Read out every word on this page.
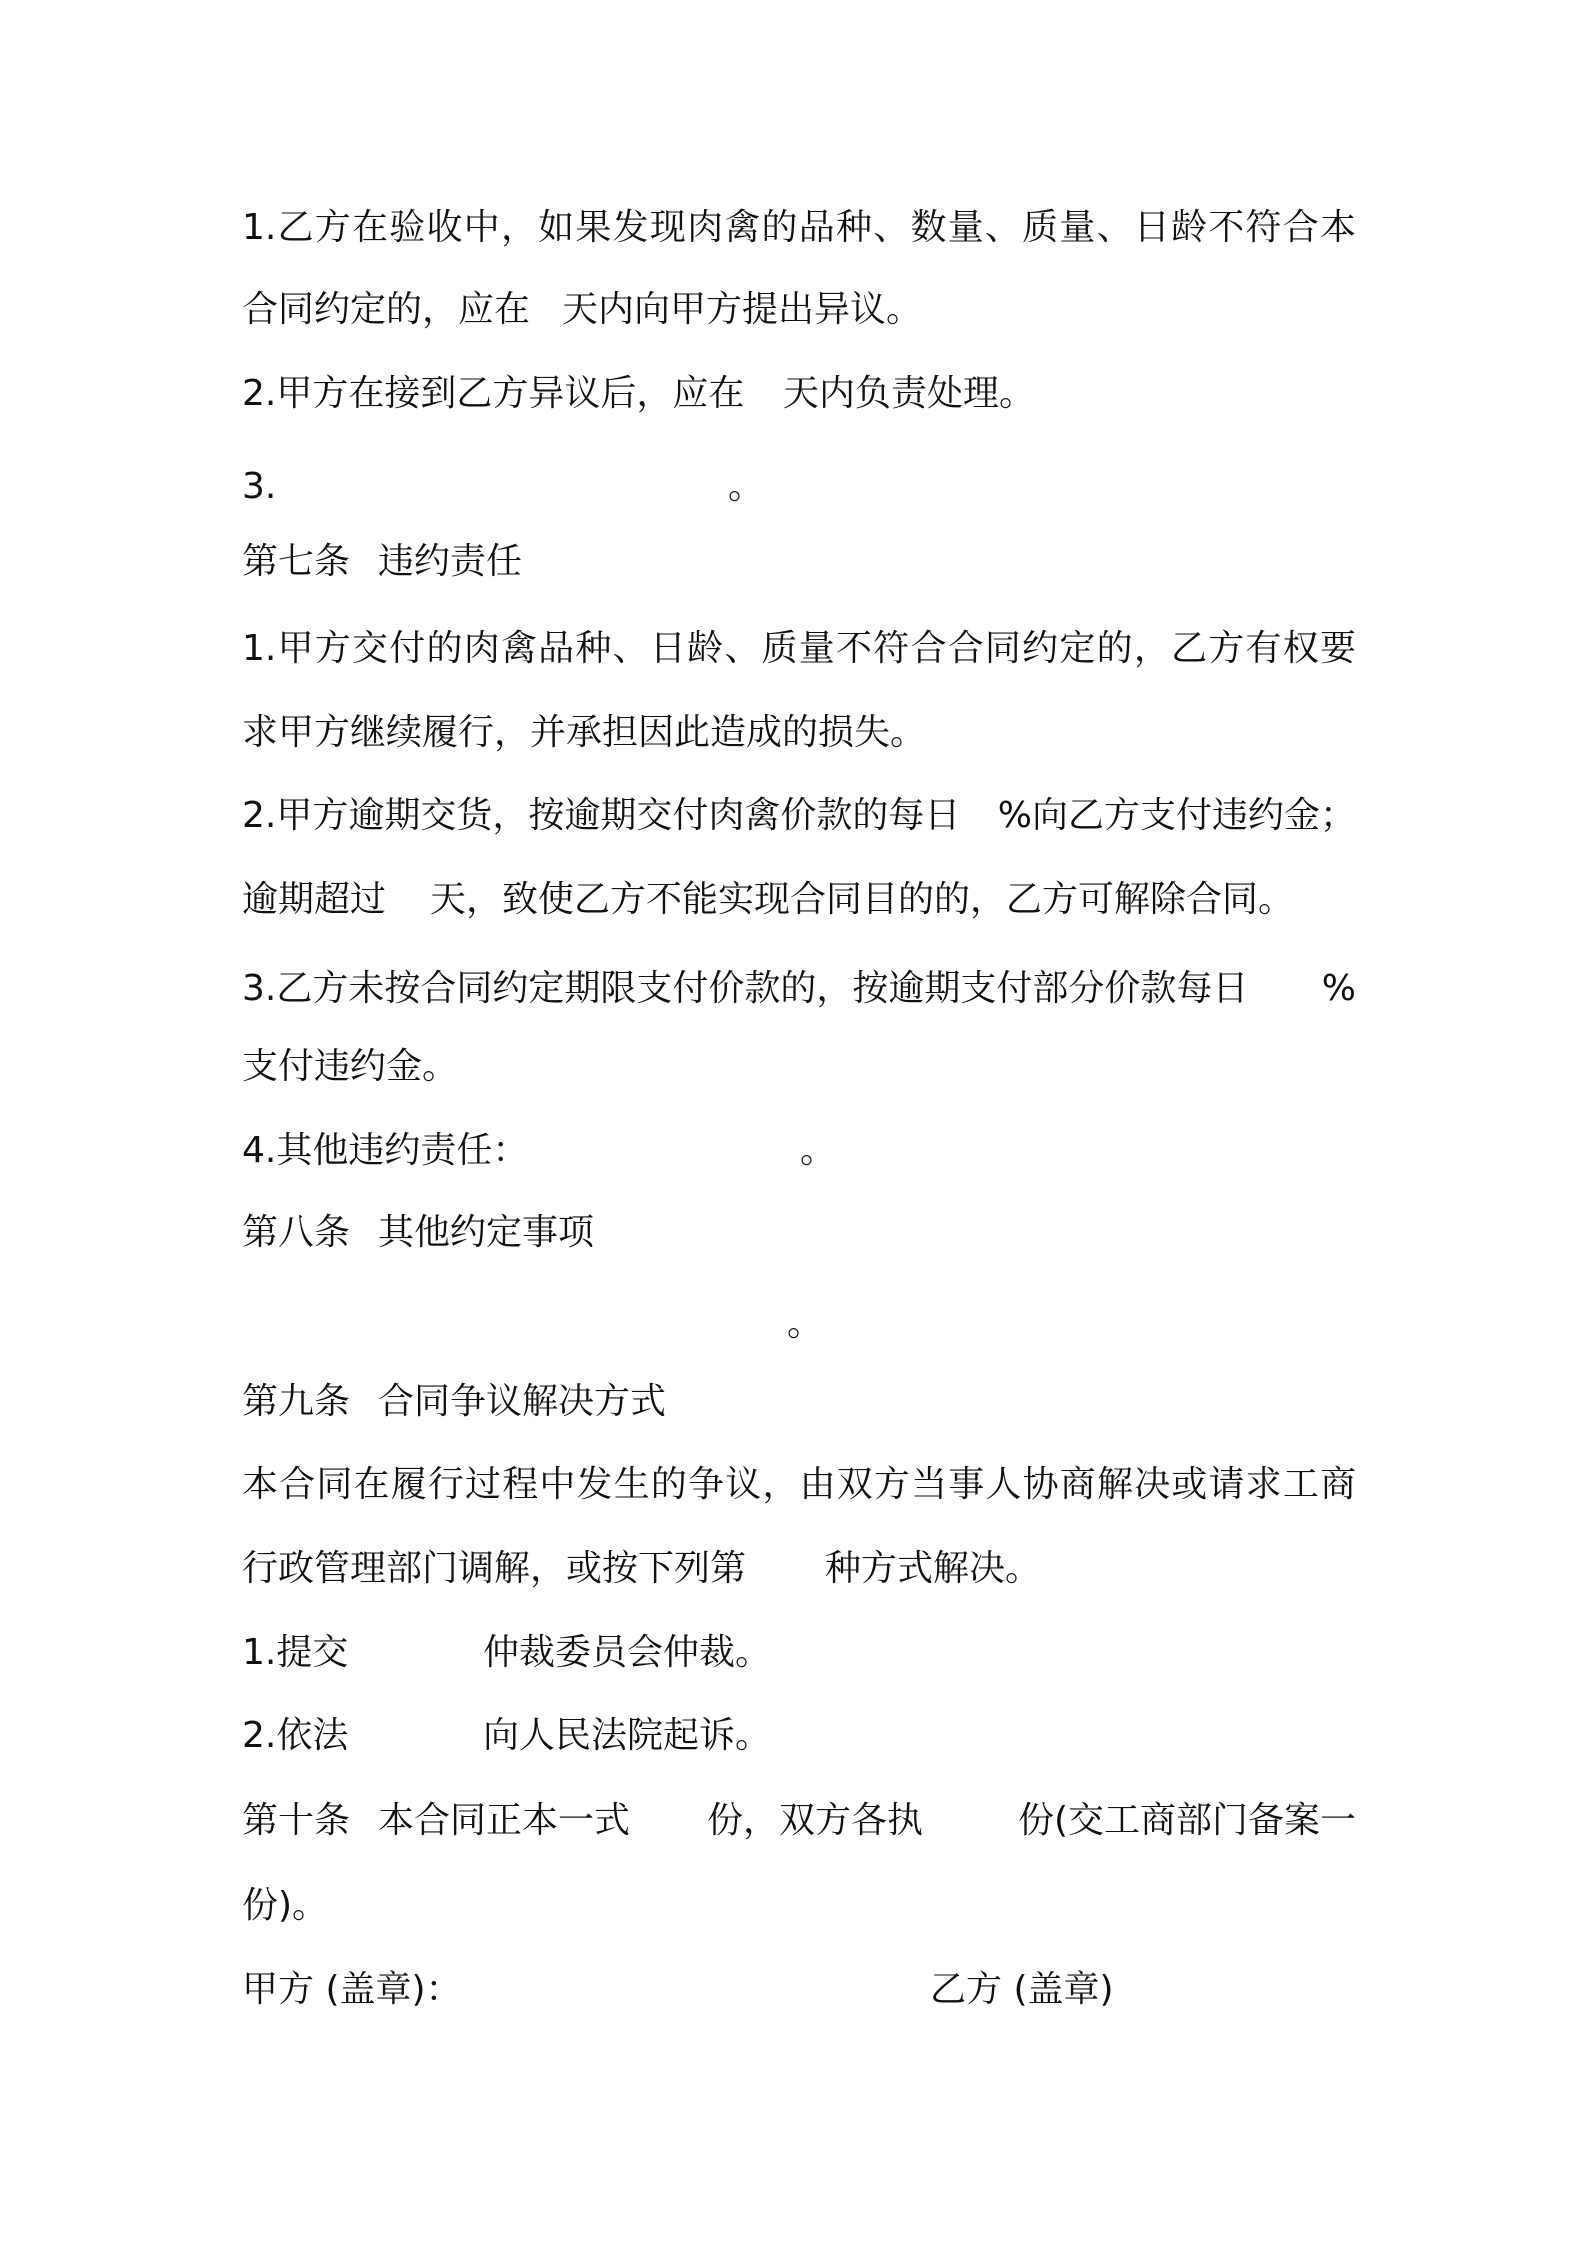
1.乙方在验收中，如果发现肉禽的品种、数量、质量、日龄不符合本
合同约定的，应在 天内向甲方提出异议。
2.甲方在接到乙方异议后，应在 天内负责处理。
3.	。
第七条 违约责任
1.甲方交付的肉禽品种、日龄、质量不符合合同约定的，乙方有权要
求甲方继续履行，并承担因此造成的损失。
2.甲方逾期交货，按逾期交付肉禽价款的每日 %向乙方支付违约金；
逾期超过 天，致使乙方不能实现合同目的的，乙方可解除合同。
3.乙方未按合同约定期限支付价款的，按逾期支付部分价款每日 %
支付违约金。
4.其他违约责任：	。
第八条 其他约定事项
。
第九条 合同争议解决方式
本合同在履行过程中发生的争议，由双方当事人协商解决或请求工商
行政管理部门调解，或按下列第 种方式解决。
1.提交	仲裁委员会仲裁。
2.依法	向人民法院起诉。
第十条 本合同正本一式 份，双方各执	份(交工商部门备案一
份)。
甲方 (盖章)：	乙方 (盖章)
